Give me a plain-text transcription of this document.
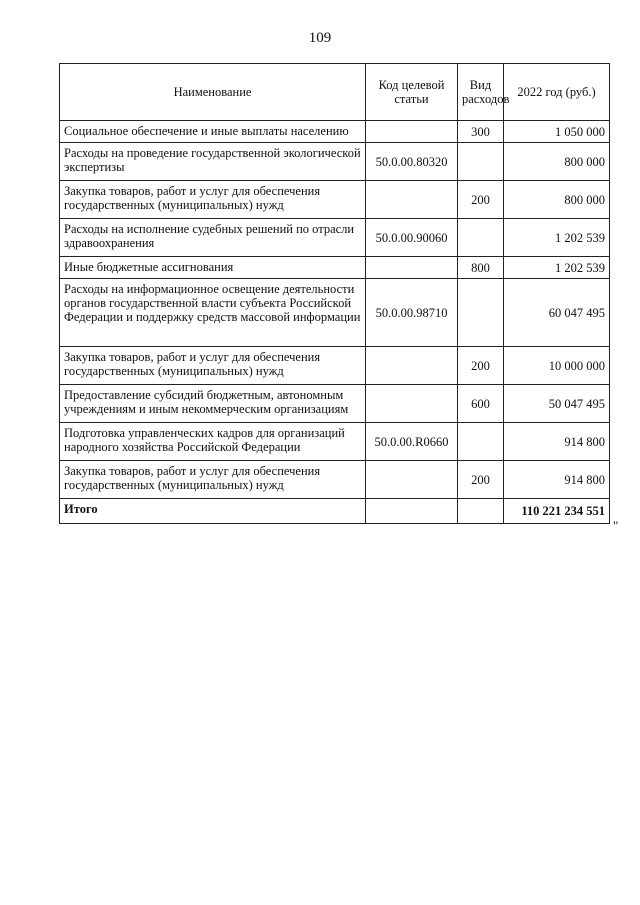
109
Наименование	Код целевой статьи	Вид расходов	2022 год (руб.)
Социальное обеспечение и иные выплаты населению		300	1 050 000
Расходы на проведение государственной экологической экспертизы	50.0.00.80320		800 000
Закупка товаров, работ и услуг для обеспечения государственных (муниципальных) нужд		200	800 000
Расходы на исполнение судебных решений по отрасли здравоохранения	50.0.00.90060		1 202 539
Иные бюджетные ассигнования		800	1 202 539
Расходы на информационное освещение деятельности органов государственной власти субъекта Российской Федерации и поддержку средств массовой информации	50.0.00.98710		60 047 495
Закупка товаров, работ и услуг для обеспечения государственных (муниципальных) нужд		200	10 000 000
Предоставление субсидий бюджетным, автономным учреждениям и иным некоммерческим организациям		600	50 047 495
Подготовка управленческих кадров для организаций народного хозяйства Российской Федерации	50.0.00.R0660		914 800
Закупка товаров, работ и услуг для обеспечения государственных (муниципальных) нужд		200	914 800
Итого			110 221 234 551
"
